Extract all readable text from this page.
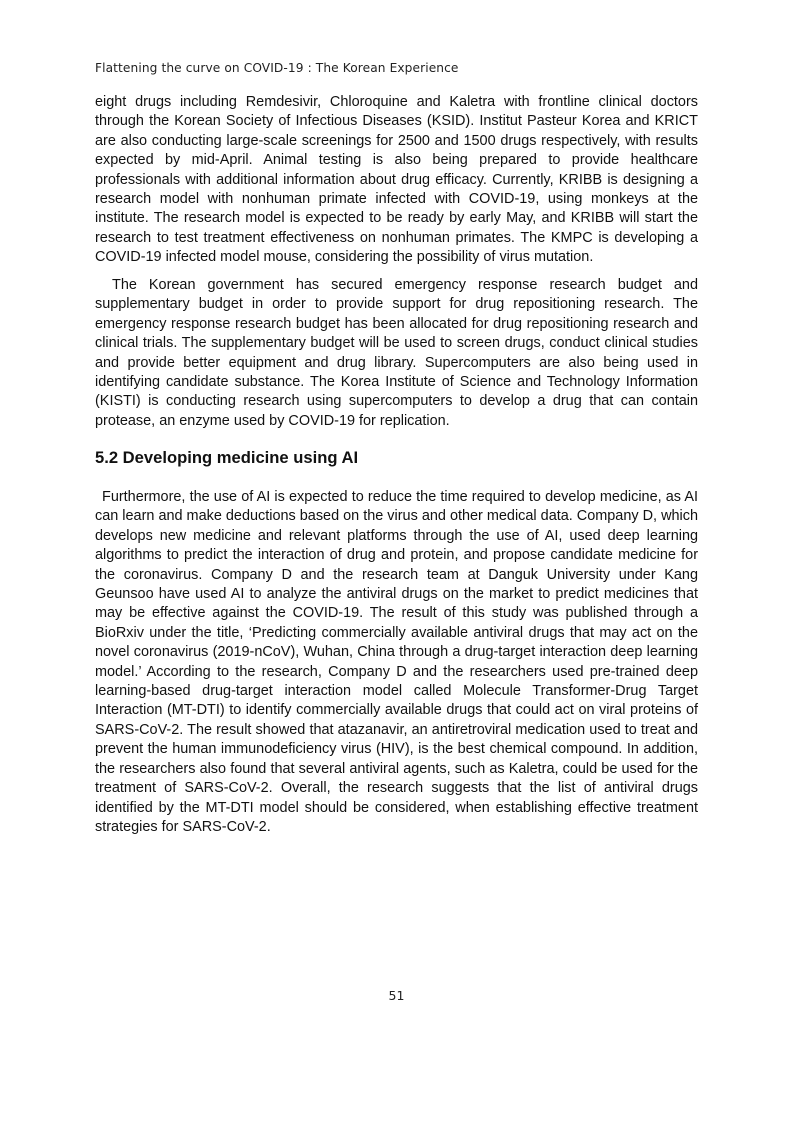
Flattening the curve on COVID-19 : The Korean Experience

eight drugs including Remdesivir, Chloroquine and Kaletra with frontline clinical doctors through the Korean Society of Infectious Diseases (KSID). Institut Pasteur Korea and KRICT are also conducting large-scale screenings for 2500 and 1500 drugs respectively, with results expected by mid-April. Animal testing is also being prepared to provide healthcare professionals with additional information about drug efficacy. Currently, KRIBB is designing a research model with nonhuman primate infected with COVID-19, using monkeys at the institute. The research model is expected to be ready by early May, and KRIBB will start the research to test treatment effectiveness on nonhuman primates. The KMPC is developing a COVID-19 infected model mouse, considering the possibility of virus mutation.

The Korean government has secured emergency response research budget and supplementary budget in order to provide support for drug repositioning research. The emergency response research budget has been allocated for drug repositioning research and clinical trials. The supplementary budget will be used to screen drugs, conduct clinical studies and provide better equipment and drug library. Supercomputers are also being used in identifying candidate substance. The Korea Institute of Science and Technology Information (KISTI) is conducting research using supercomputers to develop a drug that can contain protease, an enzyme used by COVID-19 for replication.

5.2 Developing medicine using AI

Furthermore, the use of AI is expected to reduce the time required to develop medicine, as AI can learn and make deductions based on the virus and other medical data. Company D, which develops new medicine and relevant platforms through the use of AI, used deep learning algorithms to predict the interaction of drug and protein, and propose candidate medicine for the coronavirus. Company D and the research team at Danguk University under Kang Geunsoo have used AI to analyze the antiviral drugs on the market to predict medicines that may be effective against the COVID-19. The result of this study was published through a BioRxiv under the title, ‘Predicting commercially available antiviral drugs that may act on the novel coronavirus (2019-nCoV), Wuhan, China through a drug-target interaction deep learning model.’ According to the research, Company D and the researchers used pre-trained deep learning-based drug-target interaction model called Molecule Transformer-Drug Target Interaction (MT-DTI) to identify commercially available drugs that could act on viral proteins of SARS-CoV-2. The result showed that atazanavir, an antiretroviral medication used to treat and prevent the human immunodeficiency virus (HIV), is the best chemical compound. In addition, the researchers also found that several antiviral agents, such as Kaletra, could be used for the treatment of SARS-CoV-2. Overall, the research suggests that the list of antiviral drugs identified by the MT-DTI model should be considered, when establishing effective treatment strategies for SARS-CoV-2.

51
